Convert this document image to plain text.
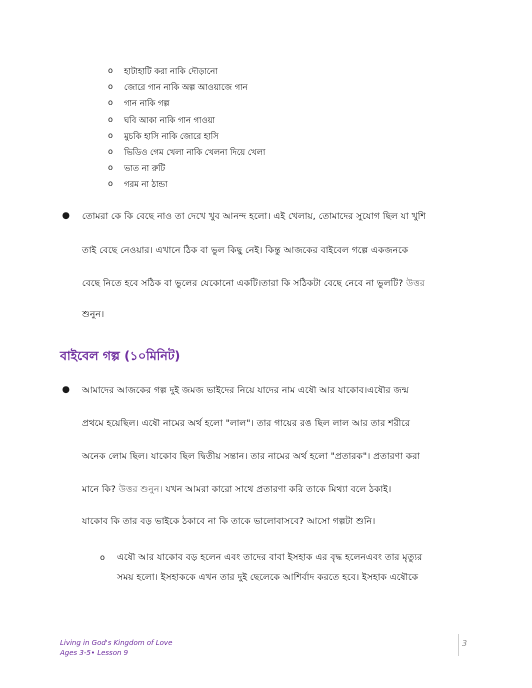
o হাটাহাটি করা নাকি দৌড়ানো
o জোরে গান নাকি অল্প আওয়াজে গান
o গান নাকি গল্প
o ঘবি আকা নাকি গান গাওয়া
o মুচকি হাসি নাকি জোরে হাসি
o ভিডিও গেম খেলা নাকি খেলনা দিয়ে খেলা
o ভাত না রুটি
o গরম না ঠান্ডা
● তোমরা কে কি বেছে নাও তা দেখে খুব আনন্দ হলো। এই খেলায়, তোমাদের সুযোগ ছিল যা খুশি
তাই বেছে নেওয়ার। এখানে ঠিক বা ভুল কিছু নেই। কিন্তু আজকের বাইবেল গল্পে একজনকে
বেছে নিতে হবে সঠিক বা ভুলের যেকোনো একটি।তারা কি সঠিকটা বেছে নেবে না ভুলটি? উত্তর
শুনুন।
বাইবেল গল্প (১০মিনিট)
● আমাদের আজকের গল্প দুই জমজ ভাইদের নিয়ে যাদের নাম এষৌ আর যাকোব।এষৌর জন্ম
প্রথমে হয়েছিল। এষৌ নামের অর্থ হলো "লাল"। তার গায়ের রঙ ছিল লাল আর তার শরীরে
অনেক লোম ছিল। যাকোব ছিল দ্বিতীয় সন্তান। তার নামের অর্থ হলো "প্রতারক"। প্রতারণা করা
মানে কি? উত্তর শুনুন। যখন আমরা কারো সাথে প্রতারণা করি তাকে মিথ্যা বলে ঠকাই।
যাকোব কি তার বড় ভাইকে ঠকাবে না কি তাকে ভালোবাসবে? আসো গল্পটা শুনি।
o এষৌ আর যাকোব বড় হলেন এবং তাদের বাবা ইসহাক এর বৃদ্ধ হলেনএবং তার মৃত্যুর
সময় হলো। ইসহাককে এখন তার দুই ছেলেকে আশির্বাদ করতে হবে। ইসহাক এষৌকে
Living in God's Kingdom of Love
Ages 3-5• Lesson 9
3
